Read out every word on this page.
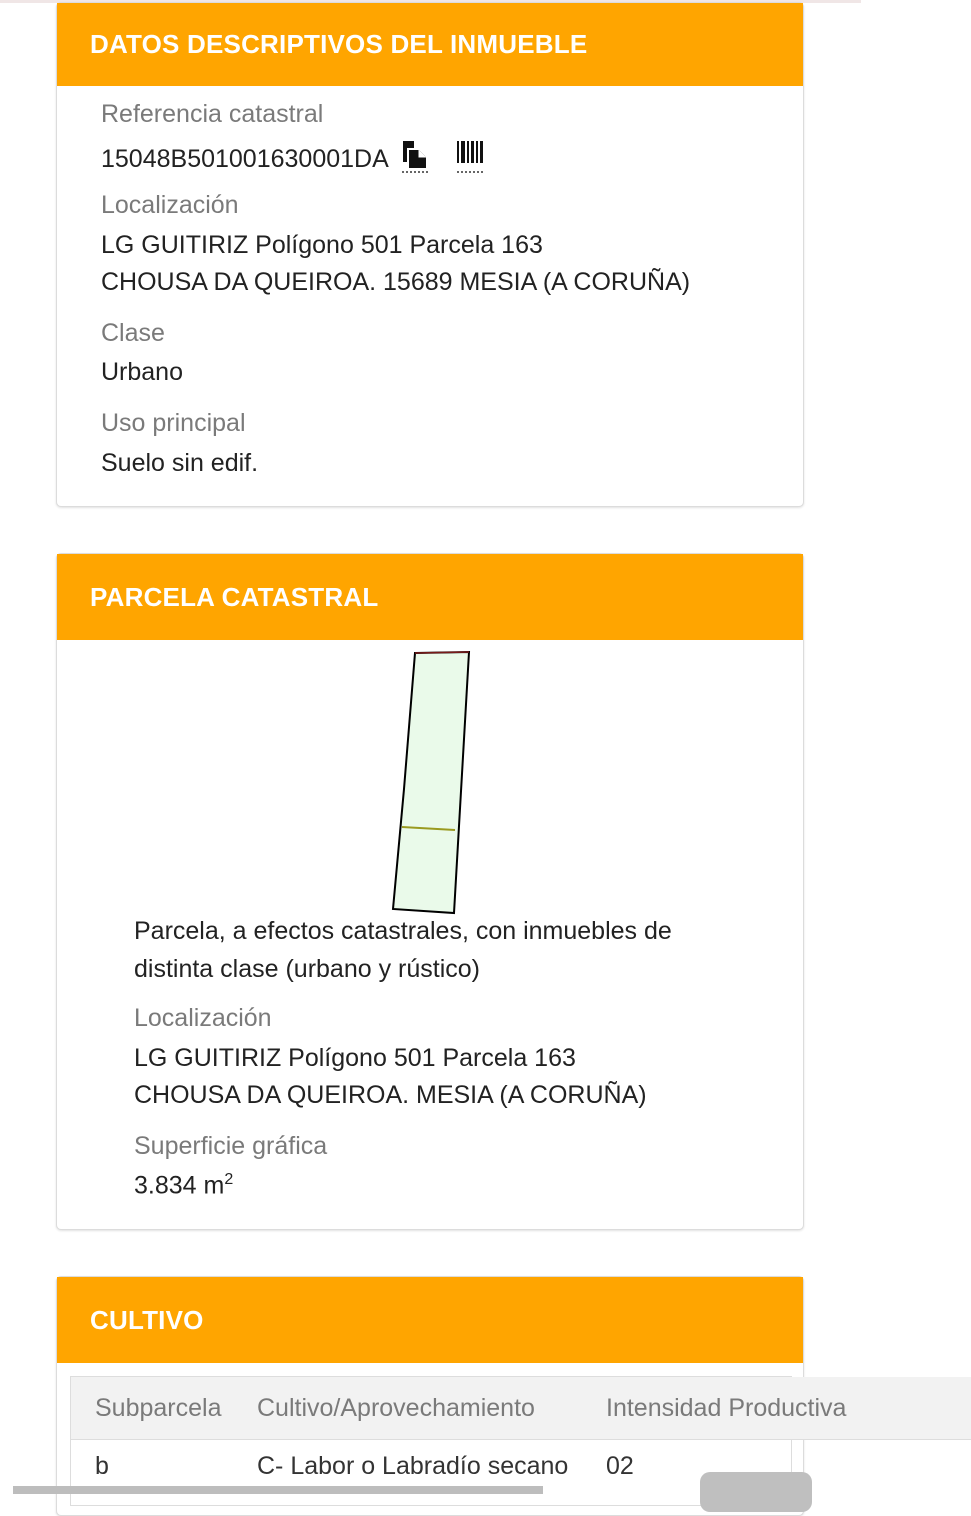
DATOS DESCRIPTIVOS DEL INMUEBLE
Referencia catastral
15048B501001630001DA
Localización
LG GUITIRIZ Polígono 501 Parcela 163
CHOUSA DA QUEIROA. 15689 MESIA (A CORUÑA)
Clase
Urbano
Uso principal
Suelo sin edif.
PARCELA CATASTRAL
Parcela, a efectos catastrales, con inmuebles de
distinta clase (urbano y rústico)
Localización
LG GUITIRIZ Polígono 501 Parcela 163
CHOUSA DA QUEIROA. MESIA (A CORUÑA)
Superficie gráfica
3.834 $m^2$
CULTIVO
Subparcela	Cultivo/Aprovechamiento	Intensidad Productiva
b	C- Labor o Labradío secano	02
